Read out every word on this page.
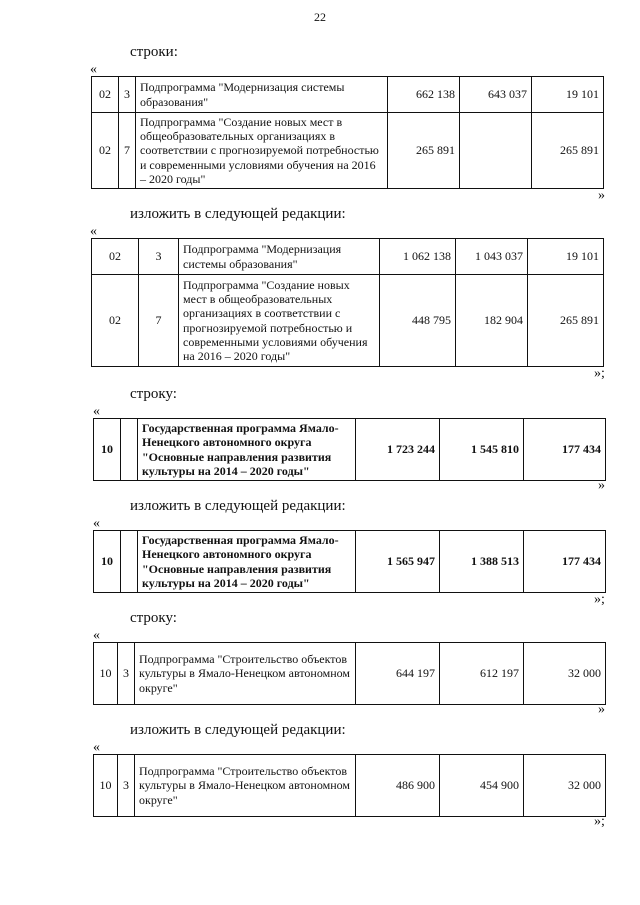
22
строки:
«
02	3	Подпрограмма "Модернизация системы образования"	662 138	643 037	19 101
02	7	Подпрограмма "Создание новых мест в общеобразовательных организациях в соответствии с прогнозируемой потребностью и современными условиями обучения на 2016 – 2020 годы"	265 891		265 891
»
изложить в следующей редакции:
«
02	3	Подпрограмма "Модернизация системы образования"	1 062 138	1 043 037	19 101
02	7	Подпрограмма "Создание новых мест в общеобразовательных организациях в соответствии с прогнозируемой потребностью и современными условиями обучения на 2016 – 2020 годы"	448 795	182 904	265 891
»;
строку:
«
10		Государственная программа Ямало-Ненецкого автономного округа "Основные направления развития культуры на 2014 – 2020 годы"	1 723 244	1 545 810	177 434
»
изложить в следующей редакции:
«
10		Государственная программа Ямало-Ненецкого автономного округа "Основные направления развития культуры на 2014 – 2020 годы"	1 565 947	1 388 513	177 434
»;
строку:
«
10	3	Подпрограмма "Строительство объектов культуры в Ямало-Ненецком автономном округе"	644 197	612 197	32 000
»
изложить в следующей редакции:
«
10	3	Подпрограмма "Строительство объектов культуры в Ямало-Ненецком автономном округе"	486 900	454 900	32 000
»;
